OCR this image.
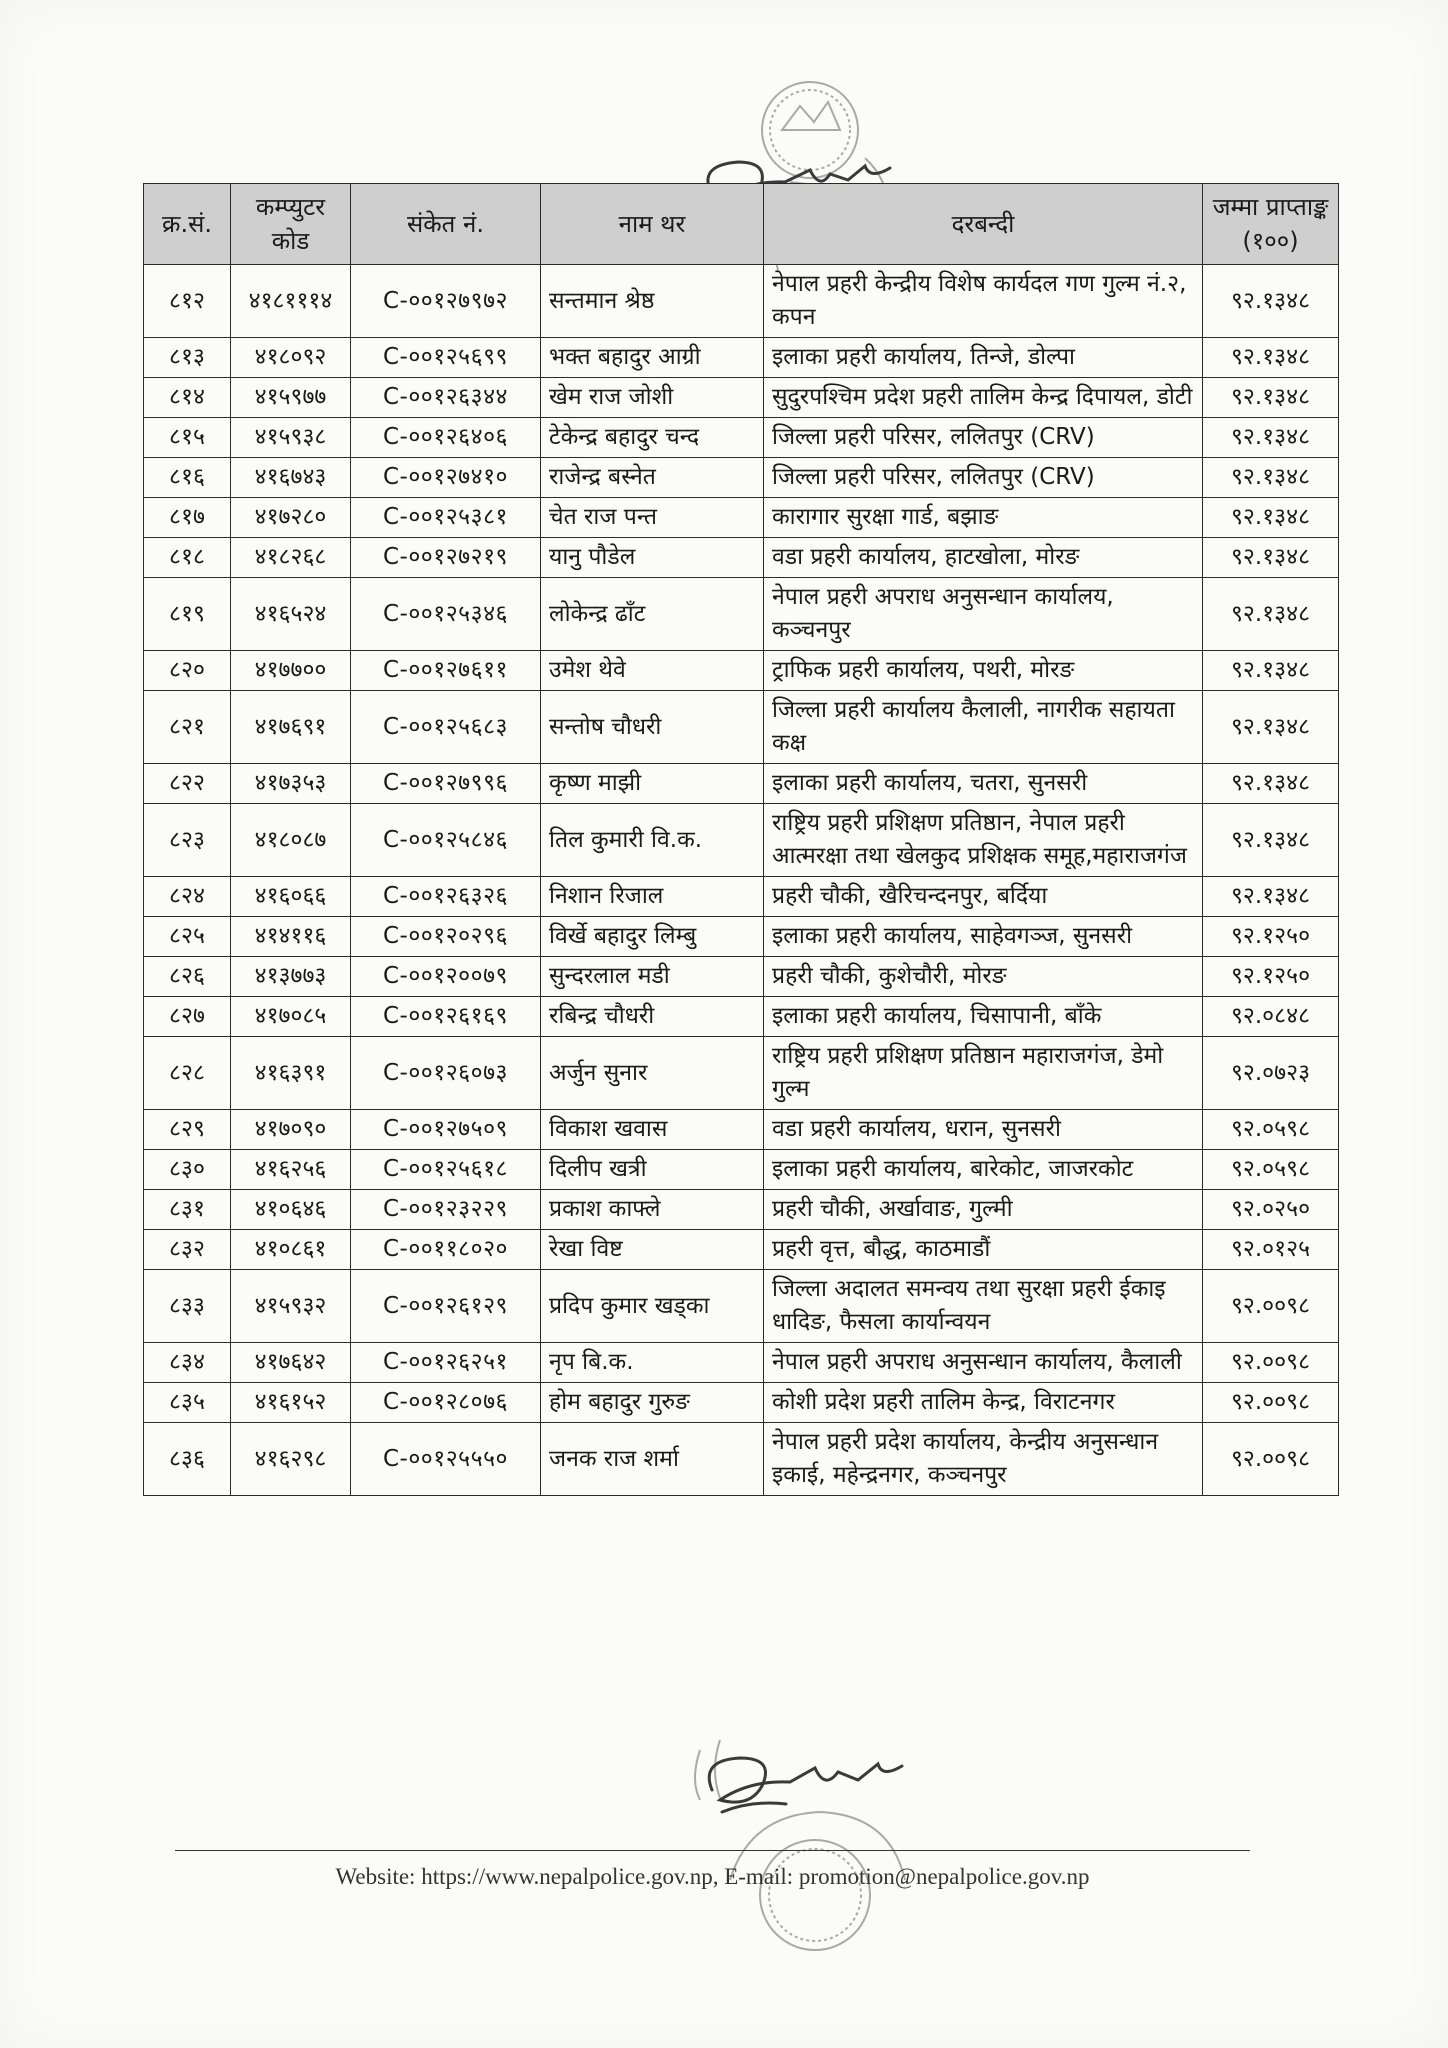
क्र.सं.	कम्प्युटर कोड	संकेत नं.	नाम थर	दरबन्दी	जम्मा प्राप्ताङ्क (१००)
८१२	४१८१११४	C-००१२७९७२	सन्तमान श्रेष्ठ	नेपाल प्रहरी केन्द्रीय विशेष कार्यदल गण गुल्म नं.२, कपन	९२.१३४८
८१३	४१८०९२	C-००१२५६९९	भक्त बहादुर आग्री	इलाका प्रहरी कार्यालय, तिन्जे, डोल्पा	९२.१३४८
८१४	४१५९७७	C-००१२६३४४	खेम राज जोशी	सुदुरपश्चिम प्रदेश प्रहरी तालिम केन्द्र दिपायल, डोटी	९२.१३४८
८१५	४१५९३८	C-००१२६४०६	टेकेन्द्र बहादुर चन्द	जिल्ला प्रहरी परिसर, ललितपुर (CRV)	९२.१३४८
८१६	४१६७४३	C-००१२७४१०	राजेन्द्र बस्नेत	जिल्ला प्रहरी परिसर, ललितपुर (CRV)	९२.१३४८
८१७	४१७२८०	C-००१२५३८१	चेत राज पन्त	कारागार सुरक्षा गार्ड, बझाङ	९२.१३४८
८१८	४१८२६८	C-००१२७२१९	यानु पौडेल	वडा प्रहरी कार्यालय, हाटखोला, मोरङ	९२.१३४८
८१९	४१६५२४	C-००१२५३४६	लोकेन्द्र ढाँट	नेपाल प्रहरी अपराध अनुसन्धान कार्यालय, कञ्चनपुर	९२.१३४८
८२०	४१७७००	C-००१२७६११	उमेश थेवे	ट्राफिक प्रहरी कार्यालय, पथरी, मोरङ	९२.१३४८
८२१	४१७६९१	C-००१२५६८३	सन्तोष चौधरी	जिल्ला प्रहरी कार्यालय कैलाली, नागरीक सहायता कक्ष	९२.१३४८
८२२	४१७३५३	C-००१२७९९६	कृष्ण माझी	इलाका प्रहरी कार्यालय, चतरा, सुनसरी	९२.१३४८
८२३	४१८०८७	C-००१२५८४६	तिल कुमारी वि.क.	राष्ट्रिय प्रहरी प्रशिक्षण प्रतिष्ठान, नेपाल प्रहरी आत्मरक्षा तथा खेलकुद प्रशिक्षक समूह,महाराजगंज	९२.१३४८
८२४	४१६०६६	C-००१२६३२६	निशान रिजाल	प्रहरी चौकी, खैरिचन्दनपुर, बर्दिया	९२.१३४८
८२५	४१४११६	C-००१२०२९६	विर्खे बहादुर लिम्बु	इलाका प्रहरी कार्यालय, साहेवगञ्ज, सुनसरी	९२.१२५०
८२६	४१३७७३	C-००१२००७९	सुन्दरलाल मडी	प्रहरी चौकी, कुशेचौरी, मोरङ	९२.१२५०
८२७	४१७०८५	C-००१२६१६९	रबिन्द्र चौधरी	इलाका प्रहरी कार्यालय, चिसापानी, बाँके	९२.०८४८
८२८	४१६३९१	C-००१२६०७३	अर्जुन सुनार	राष्ट्रिय प्रहरी प्रशिक्षण प्रतिष्ठान महाराजगंज, डेमो गुल्म	९२.०७२३
८२९	४१७०९०	C-००१२७५०९	विकाश खवास	वडा प्रहरी कार्यालय, धरान, सुनसरी	९२.०५९८
८३०	४१६२५६	C-००१२५६१८	दिलीप खत्री	इलाका प्रहरी कार्यालय, बारेकोट, जाजरकोट	९२.०५९८
८३१	४१०६४६	C-००१२३२२९	प्रकाश काफ्ले	प्रहरी चौकी, अर्खावाङ, गुल्मी	९२.०२५०
८३२	४१०८६१	C-००११८०२०	रेखा विष्ट	प्रहरी वृत्त, बौद्ध, काठमाडौं	९२.०१२५
८३३	४१५९३२	C-००१२६१२९	प्रदिप कुमार खड्का	जिल्ला अदालत समन्वय तथा सुरक्षा प्रहरी ईकाइ धादिङ, फैसला कार्यान्वयन	९२.००९८
८३४	४१७६४२	C-००१२६२५१	नृप बि.क.	नेपाल प्रहरी अपराध अनुसन्धान कार्यालय, कैलाली	९२.००९८
८३५	४१६१५२	C-००१२८०७६	होम बहादुर गुरुङ	कोशी प्रदेश प्रहरी तालिम केन्द्र, विराटनगर	९२.००९८
८३६	४१६२९८	C-००१२५५५०	जनक राज शर्मा	नेपाल प्रहरी प्रदेश कार्यालय, केन्द्रीय अनुसन्धान इकाई, महेन्द्रनगर, कञ्चनपुर	९२.००९८
Website: https://www.nepalpolice.gov.np, E-mail: promotion@nepalpolice.gov.np
